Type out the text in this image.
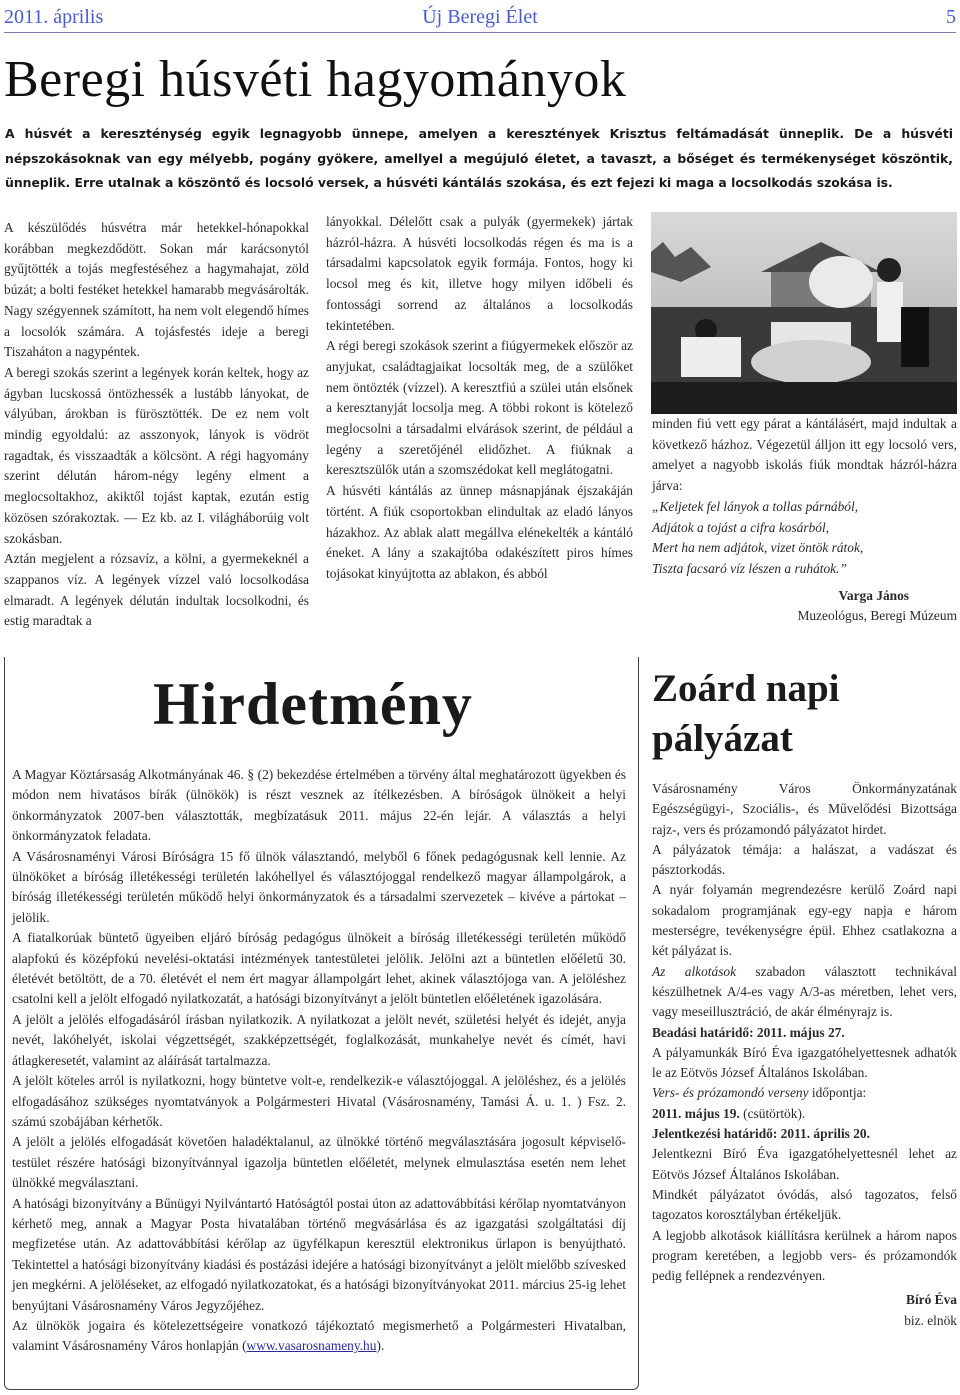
2011. április	Új Beregi Élet	5
Beregi húsvéti hagyományok
A húsvét a kereszténység egyik legnagyobb ünnepe, amelyen a keresztények Krisztus feltámadását ünneplik. De a húsvéti népszokásoknak van egy mélyebb, pogány gyökere, amellyel a megújuló életet, a tavaszt, a bőséget és termékenységet köszöntik, ünneplik. Erre utalnak a köszöntő és locsoló versek, a húsvéti kántálás szokása, és ezt fejezi ki maga a locsolkodás szokása is.

A készülődés húsvétra már hetekkel-hónapokkal korábban megkezdődött. Sokan már karácsonytól gyűjtötték a tojás megfestéséhez a hagymahajat, zöld búzát; a bolti festéket hetekkel hamarabb megvásárolták. Nagy szégyennek számított, ha nem volt elegendő hímes a locsolók számára. A tojásfestés ideje a beregi Tiszaháton a nagypéntek.

A beregi szokás szerint a legények korán keltek, hogy az ágyban lucskossá öntözhessék a lustább lányokat, de vályúban, árokban is fürösztötték. De ez nem volt mindig egyoldalú: az asszonyok, lányok is vödröt ragadtak, és visszaadták a kölcsönt. A régi hagyomány szerint délután három-négy legény elment a meglocsoltakhoz, akiktől tojást kaptak, ezután estig közösen szórakoztak. — Ez kb. az I. világháborúig volt szokásban.

Aztán megjelent a rózsavíz, a kölni, a gyermekeknél a szappanos víz. A legények vízzel való locsolkodása elmaradt. A legények délután indultak locsolkodni, és estig maradtak a

lányokkal. Délelőtt csak a pulyák (gyermekek) jártak házról-házra. A húsvéti locsolkodás régen és ma is a társadalmi kapcsolatok egyik formája. Fontos, hogy ki locsol meg és kit, illetve hogy milyen időbeli és fontossági sorrend az általános a locsolkodás tekintetében.

A régi beregi szokások szerint a fiúgyermekek először az anyjukat, családtagjaikat locsolták meg, de a szülőket nem öntözték (vízzel). A keresztfiú a szülei után elsőnek a keresztanyját locsolja meg. A többi rokont is kötelező meglocsolni a társadalmi elvárások szerint, de például a legény a szeretőjénél elidőzhet. A fiúknak a keresztszülők után a szomszédokat kell meglátogatni.

A húsvéti kántálás az ünnep másnapjának éjszakáján történt. A fiúk csoportokban elindultak az eladó lányos házakhoz. Az ablak alatt megállva elénekelték a kántáló éneket. A lány a szakajtóba odakészített piros hímes tojásokat kinyújtotta az ablakon, és abból

minden fiú vett egy párat a kántálásért, majd indultak a következő házhoz. Végezetül álljon itt egy locsoló vers, amelyet a nagyobb iskolás fiúk mondtak házról-házra járva:

„Keljetek fel lányok a tollas párnából,

Adjátok a tojást a cifra kosárból,

Mert ha nem adjátok, vizet öntök rátok,

Tiszta facsaró víz lészen a ruhátok.”

Varga János

Muzeológus, Beregi Múzeum

Hirdetmény

A Magyar Köztársaság Alkotmányának 46. § (2) bekezdése értelmében a törvény által meghatározott ügyekben és módon nem hivatásos bírák (ülnökök) is részt vesznek az ítélkezésben. A bíróságok ülnökeit a helyi önkormányzatok 2007-ben választották, megbízatásuk 2011. május 22-én lejár. A választás a helyi önkormányzatok feladata.

A Vásárosnaményi Városi Bíróságra 15 fő ülnök választandó, melyből 6 főnek pedagógusnak kell lennie. Az ülnököket a bíróság illetékességi területén lakóhellyel és választójoggal rendelkező magyar állampolgárok, a bíróság illetékességi területén működő helyi önkormányzatok és a társadalmi szervezetek – kivéve a pártokat – jelölik.

A fiatalkorúak büntető ügyeiben eljáró bíróság pedagógus ülnökeit a bíróság illetékességi területén működő alapfokú és középfokú nevelési-oktatási intézmények tantestületei jelölik. Jelölni azt a büntetlen előéletű 30. életévét betöltött, de a 70. életévét el nem ért magyar állampolgárt lehet, akinek választójoga van. A jelöléshez csatolni kell a jelölt elfogadó nyilatkozatát, a hatósági bizonyítványt a jelölt büntetlen előéletének igazolására.

A jelölt a jelölés elfogadásáról írásban nyilatkozik. A nyilatkozat a jelölt nevét, születési helyét és idejét, anyja nevét, lakóhelyét, iskolai végzettségét, szakképzettségét, foglalkozását, munkahelye nevét és címét, havi átlagkeresetét, valamint az aláírását tartalmazza.

A jelölt köteles arról is nyilatkozni, hogy büntetve volt-e, rendelkezik-e választójoggal. A jelöléshez, és a jelölés elfogadásához szükséges nyomtatványok a Polgármesteri Hivatal (Vásárosnamény, Tamási Á. u. 1. ) Fsz. 2. számú szobájában kérhetők.

A jelölt a jelölés elfogadását követően haladéktalanul, az ülnökké történő megválasztására jogosult képviselő-testület részére hatósági bizonyítvánnyal igazolja büntetlen előéletét, melynek elmulasztása esetén nem lehet ülnökké megválasztani.

A hatósági bizonyítvány a Bűnügyi Nyilvántartó Hatóságtól postai úton az adattovábbítási kérőlap nyomtatványon kérhető meg, annak a Magyar Posta hivatalában történő megvásárlása és az igazgatási szolgáltatási díj megfizetése után. Az adattovábbítási kérőlap az ügyfélkapun keresztül elektronikus űrlapon is benyújtható. Tekintettel a hatósági bizonyítvány kiadási és postázási idejére a hatósági bizonyítványt a jelölt mielőbb szívesked jen megkérni. A jelöléseket, az elfogadó nyilatkozatokat, és a hatósági bizonyítványokat 2011. március 25-ig lehet benyújtani Vásárosnamény Város Jegyzőjéhez.

Az ülnökök jogaira és kötelezettségeire vonatkozó tájékoztató megismerhető a Polgármesteri Hivatalban, valamint Vásárosnamény Város honlapján (www.vasarosnameny.hu).

Zoárd napi pályázat

Vásárosnamény Város Önkormányzatának Egészségügyi-, Szociális-, és Művelődési Bizottsága rajz-, vers és prózamondó pályázatot hirdet.

A pályázatok témája: a halászat, a vadászat és pásztorkodás.

A nyár folyamán megrendezésre kerülő Zoárd napi sokadalom programjának egy-egy napja e három mesterségre, tevékenységre épül. Ehhez csatlakozna a két pályázat is.

Az alkotások szabadon választott technikával készülhetnek A/4-es vagy A/3-as méretben, lehet vers, vagy meseillusztráció, de akár élményrajz is.

Beadási határidő: 2011. május 27.

A pályamunkák Bíró Éva igazgatóhelyettesnek adhatók le az Eötvös József Általános Iskolában.

Vers- és prózamondó verseny időpontja:

2011. május 19. (csütörtök).

Jelentkezési határidő: 2011. április 20.

Jelentkezni Bíró Éva igazgatóhelyettesnél lehet az Eötvös József Általános Iskolában.

Mindkét pályázatot óvódás, alsó tagozatos, felső tagozatos korosztályban értékeljük.

A legjobb alkotások kiállításra kerülnek a három napos program keretében, a legjobb vers- és prózamondók pedig fellépnek a rendezvényen.

Bíró Éva

biz. elnök
